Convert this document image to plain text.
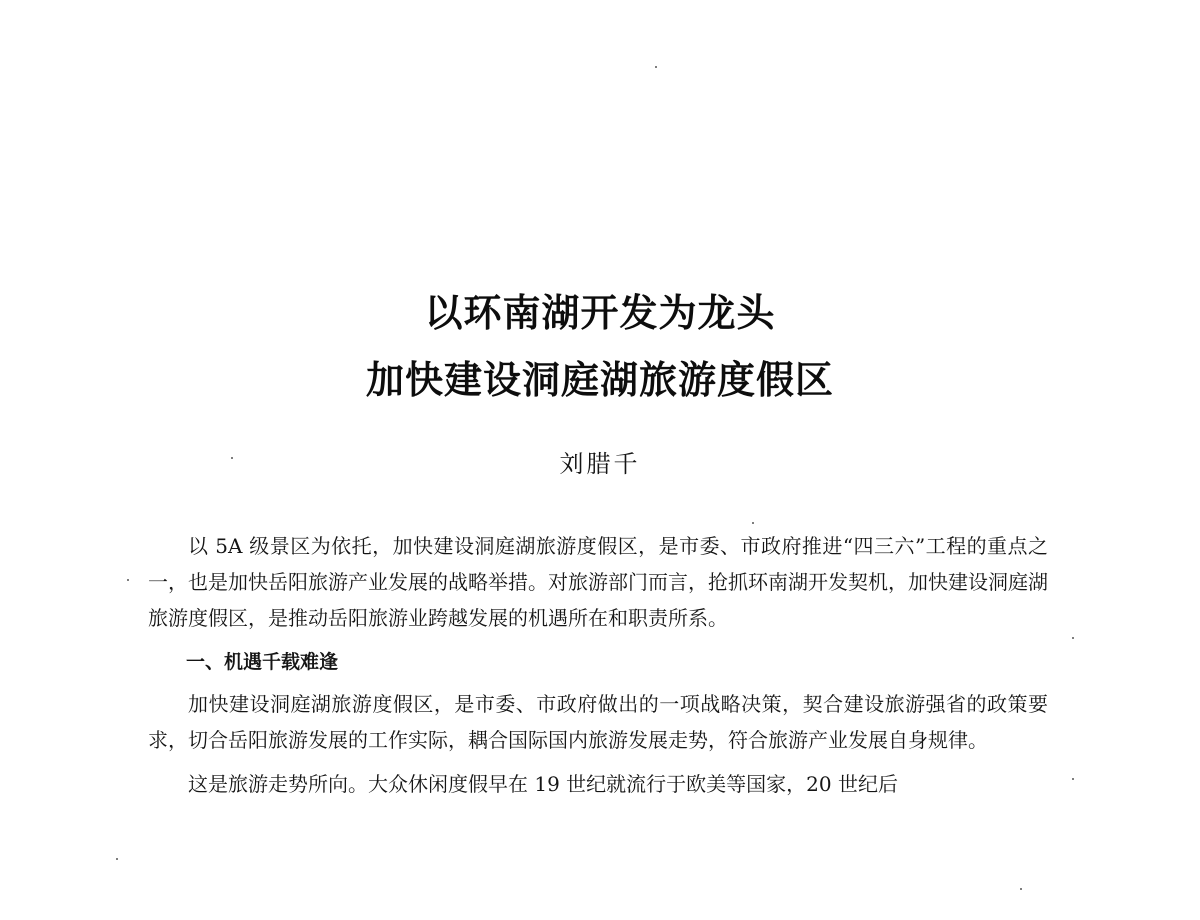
以环南湖开发为龙头
加快建设洞庭湖旅游度假区
刘腊千

以 5A 级景区为依托，加快建设洞庭湖旅游度假区，是市委、市政府推进“四三六”工程的重点之一，也是加快岳阳旅游产业发展的战略举措。对旅游部门而言，抢抓环南湖开发契机，加快建设洞庭湖旅游度假区，是推动岳阳旅游业跨越发展的机遇所在和职责所系。

一、机遇千载难逢

加快建设洞庭湖旅游度假区，是市委、市政府做出的一项战略决策，契合建设旅游强省的政策要求，切合岳阳旅游发展的工作实际，耦合国际国内旅游发展走势，符合旅游产业发展自身规律。

这是旅游走势所向。大众休闲度假早在 19 世纪就流行于欧美等国家，20 世纪后
